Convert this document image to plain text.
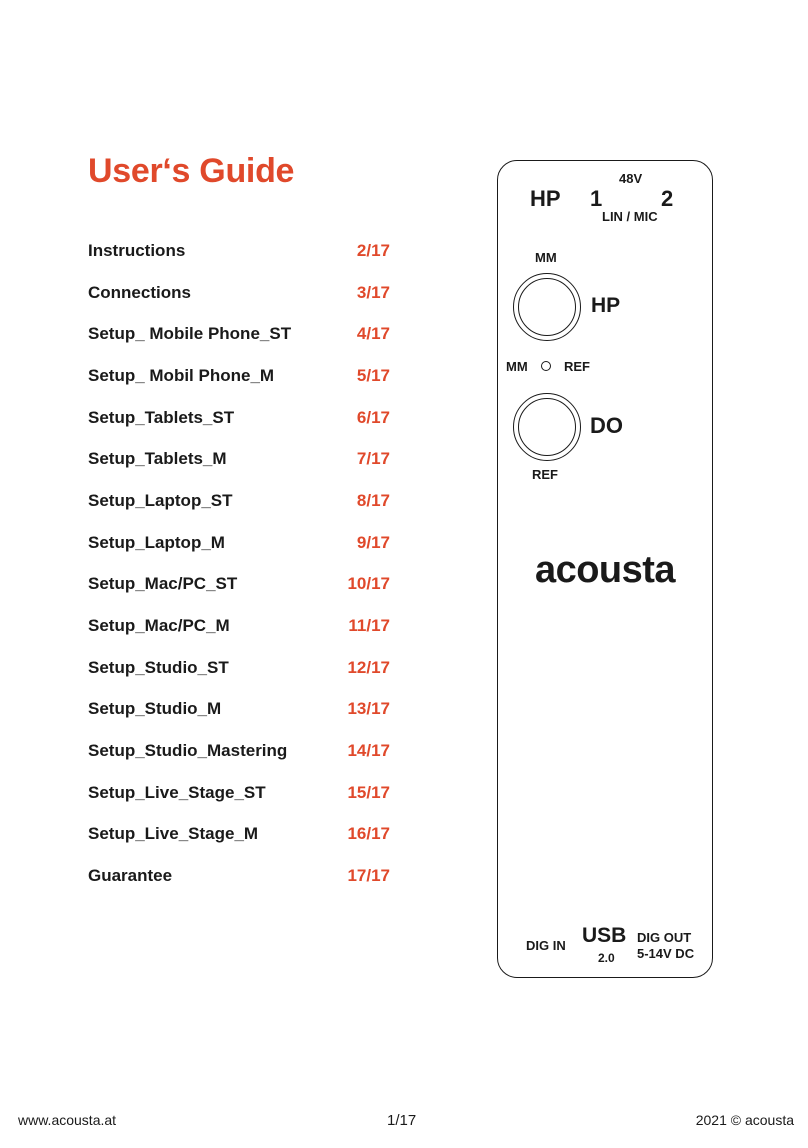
User‘s Guide
Instructions	2/17
Connections	3/17
Setup_ Mobile Phone_ST	4/17
Setup_ Mobil Phone_M	5/17
Setup_Tablets_ST	6/17
Setup_Tablets_M	7/17
Setup_Laptop_ST	8/17
Setup_Laptop_M	9/17
Setup_Mac/PC_ST	10/17
Setup_Mac/PC_M	11/17
Setup_Studio_ST	12/17
Setup_Studio_M	13/17
Setup_Studio_Mastering	14/17
Setup_Live_Stage_ST	15/17
Setup_Live_Stage_M	16/17
Guarantee	17/17
HP 1
48V
2
LIN / MIC
MM
HP
MM	REF
DO
REF
acousta
DIG IN USB
2.0
DIG OUT
5-14V DC
www.acousta.at	1/17	2021 © acousta
